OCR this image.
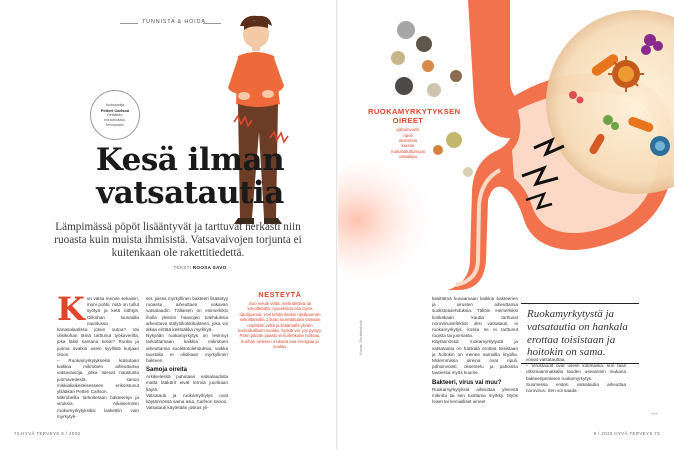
TUNNISTA & HOIDA
Asiantuntija
Petteri Carlson
Ylelääkäri,
mikrobiolokki,
Terveystalo.
Kesä ilman
vatsatautia

Lämpimässä pöpöt lisääntyvät ja tarttuvat herkästi niin ruoasta kuin muista ihmisistä. Vatsavaivojen torjunta ei kuitenkaan ole rakettitiedettä.

TEKSTI ROOSA SAVO
K un vatsa menee sekaisin, moni pohtii, mitä on tullut syötyä ja ketä nähtyä. Olikohan lounaalla nautitussa kanasalaatissa jotain outoa? Vai olisikohan tämä tarttunut työkaverilta, joka läksi samana kotiin? Ruoka ja juoma ovatkin usein syyllisiä kurjaan oloon.

– Ruokamyrkytykseksi kutsutaan kaikkia mikrobien aiheuttamia vatsavaivoja, jotka tulevat nautitusta juomavedestä, sanoo mikkialiaikeiteisesseen erikoistunut ylilääkäri Petteri Carlson.

Mikrobeilla tarkoitetaan bakteereja ja viruksia. Aikaisemmin ruokamyrkytyksiksi laskettiin vain myrkytyk-

set, joissa myrkyllinen bakteeri lisääntyy ruoassa aiheuttaen vakavan vatsataudin. Tällaisen on esimerkiksi iholla yleinen haavojen tulehduksia aiheuttava stafylokokkibakteeri, joka voi alkaa erittää keittoäkka myrkkyä.

Nykyään ruokamyrkytys on levinnyt tarkoittamaan kaikkia mikrobien aiheuttamia suolistotulehduksia, vaikka taustalla ei olisikaan myrkyllinen bakteeri.

Samoja oireita

Arkikielessä puhutaan vatsataudista matta lääkärit eivät termiä juurikaan käytä.

Vatsatauti ja ruokamyrkytys ovat käytännössä sama asia, Carlson sanoo.

Vatsatauti käytetään joskus yli-

NESTEYTÄ

Suo neluiti vettä, mehuttettiva tai kovottetuttä. Ajoeeksina osa myös ripulijuomia. Voit tehdä itsekin ripulijuoman sekoittamalla 1 litran luurettatuuta samaan määrään vettä ja lisäämällä yhden teelusikallisen suolaa. Syödä voi, jos pystyy. Parin päivän paasto ei kuitenkaan hoitoaa, kunhan nesteen mukana saa energiaa ja suolaa.

72 HYVÄ TERVEYS 6 / 2020
RUOKAMYRKYTYKSEN OIREET

pahoinvointi

ripuli

oksentelu

kuume

ruokahaluttomuus

vatsakipu

Kuvat: Shutterstock

käsittämä kuvaamaan kaikkia bakteerien ja virusten aiheuttamia suolistotulehduksia. Tällöin esimerkiksi koskekaan kautta tarttuvat noroviirusinfektiot olisi vatsatauti, ei ruokamyrkytys, koska se ei tarttunut ruoista tai juomasta.

Käytännössä ruokamyrkytystä ja vatsatautia on hankala erottaa toisistaan ja hoitokin on menee samoilla linjoilla. Molemmissa oireina ovat ripuli, pahoinvointi, oksentelu ja pahoissa tautiessa myös kuume.

Bakteeri, virus vai muu?

Ruokamyrkytyksiä aiheuttaa yleensä mikrobi tai sen tuottama myrkky. Myös loiset tai kemialliset aineet

Ruokamyrkytystä ja vatsatautia on hankala erottaa toisistaan ja hoitokin on sama.

voivat vatsatauttaa.

– Virustaudit ovat useiin kotimaisia, kun taas ulkomaanmatkalla tauden useammin mukana bakteeriperäinen ruokamyrkytys.

Suomessa eniten vatsatautia aiheuttaa norovirus. Sen voi saada

»»»
6 / 2020 HYVÄ TERVEYS 73
